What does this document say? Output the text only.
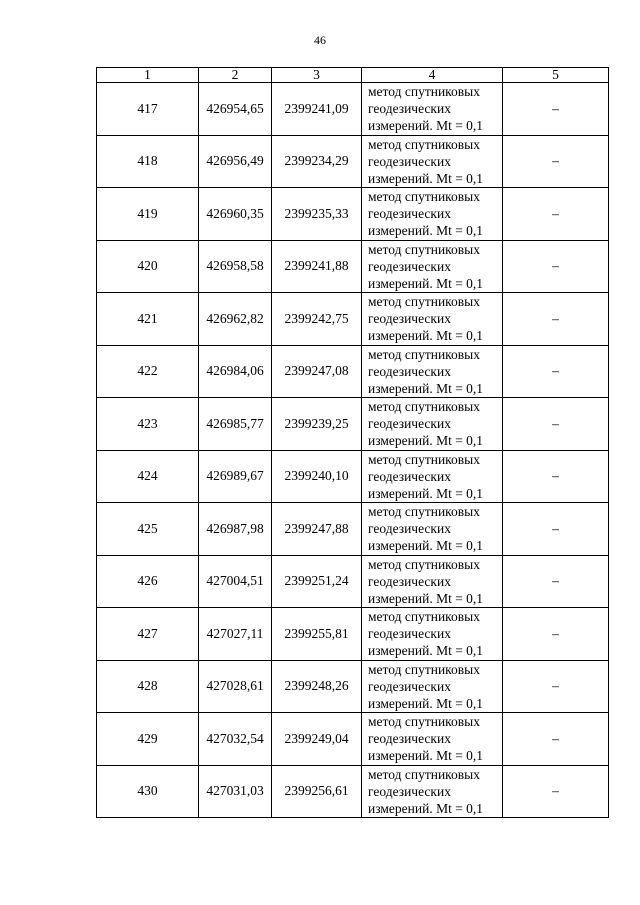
46
1	2	3	4	5
417	426954,65	2399241,09	метод спутниковых
геодезических
измерений. Mt = 0,1	–
418	426956,49	2399234,29	метод спутниковых
геодезических
измерений. Mt = 0,1	–
419	426960,35	2399235,33	метод спутниковых
геодезических
измерений. Mt = 0,1	–
420	426958,58	2399241,88	метод спутниковых
геодезических
измерений. Mt = 0,1	–
421	426962,82	2399242,75	метод спутниковых
геодезических
измерений. Mt = 0,1	–
422	426984,06	2399247,08	метод спутниковых
геодезических
измерений. Mt = 0,1	–
423	426985,77	2399239,25	метод спутниковых
геодезических
измерений. Mt = 0,1	–
424	426989,67	2399240,10	метод спутниковых
геодезических
измерений. Mt = 0,1	–
425	426987,98	2399247,88	метод спутниковых
геодезических
измерений. Mt = 0,1	–
426	427004,51	2399251,24	метод спутниковых
геодезических
измерений. Mt = 0,1	–
427	427027,11	2399255,81	метод спутниковых
геодезических
измерений. Mt = 0,1	–
428	427028,61	2399248,26	метод спутниковых
геодезических
измерений. Mt = 0,1	–
429	427032,54	2399249,04	метод спутниковых
геодезических
измерений. Mt = 0,1	–
430	427031,03	2399256,61	метод спутниковых
геодезических
измерений. Mt = 0,1	–
